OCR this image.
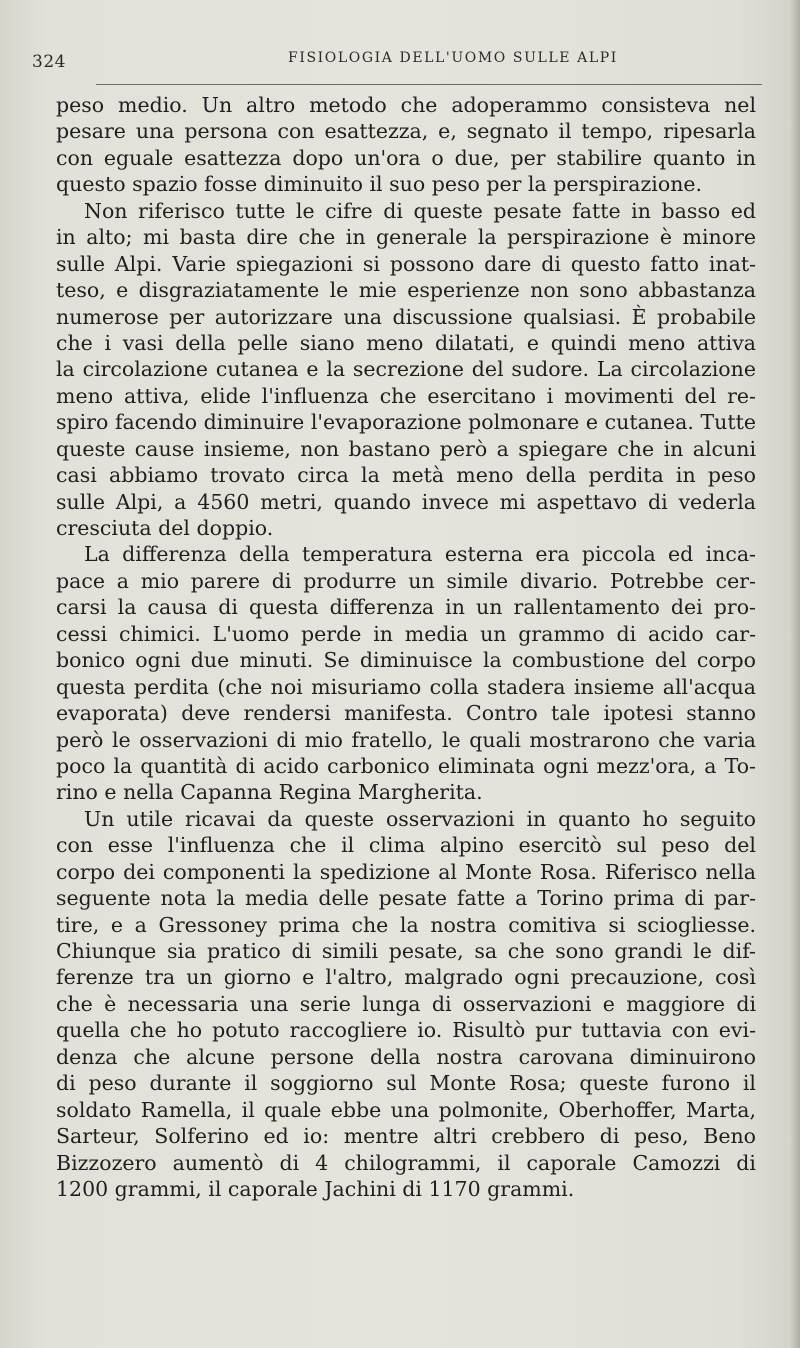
324	FISIOLOGIA DELL'UOMO SULLE ALPI
peso medio. Un altro metodo che adoperammo consisteva nel
pesare una persona con esattezza, e, segnato il tempo, ripesarla
con eguale esattezza dopo un'ora o due, per stabilire quanto in
questo spazio fosse diminuito il suo peso per la perspirazione.
Non riferisco tutte le cifre di queste pesate fatte in basso ed
in alto; mi basta dire che in generale la perspirazione è minore
sulle Alpi. Varie spiegazioni si possono dare di questo fatto inat-
teso, e disgraziatamente le mie esperienze non sono abbastanza
numerose per autorizzare una discussione qualsiasi. È probabile
che i vasi della pelle siano meno dilatati, e quindi meno attiva
la circolazione cutanea e la secrezione del sudore. La circolazione
meno attiva, elide l'influenza che esercitano i movimenti del re-
spiro facendo diminuire l'evaporazione polmonare e cutanea. Tutte
queste cause insieme, non bastano però a spiegare che in alcuni
casi abbiamo trovato circa la metà meno della perdita in peso
sulle Alpi, a 4560 metri, quando invece mi aspettavo di vederla
cresciuta del doppio.
La differenza della temperatura esterna era piccola ed inca-
pace a mio parere di produrre un simile divario. Potrebbe cer-
carsi la causa di questa differenza in un rallentamento dei pro-
cessi chimici. L'uomo perde in media un grammo di acido car-
bonico ogni due minuti. Se diminuisce la combustione del corpo
questa perdita (che noi misuriamo colla stadera insieme all'acqua
evaporata) deve rendersi manifesta. Contro tale ipotesi stanno
però le osservazioni di mio fratello, le quali mostrarono che varia
poco la quantità di acido carbonico eliminata ogni mezz'ora, a To-
rino e nella Capanna Regina Margherita.
Un utile ricavai da queste osservazioni in quanto ho seguito
con esse l'influenza che il clima alpino esercitò sul peso del
corpo dei componenti la spedizione al Monte Rosa. Riferisco nella
seguente nota la media delle pesate fatte a Torino prima di par-
tire, e a Gressoney prima che la nostra comitiva si sciogliesse.
Chiunque sia pratico di simili pesate, sa che sono grandi le dif-
ferenze tra un giorno e l'altro, malgrado ogni precauzione, così
che è necessaria una serie lunga di osservazioni e maggiore di
quella che ho potuto raccogliere io. Risultò pur tuttavia con evi-
denza che alcune persone della nostra carovana diminuirono
di peso durante il soggiorno sul Monte Rosa; queste furono il
soldato Ramella, il quale ebbe una polmonite, Oberhoffer, Marta,
Sarteur, Solferino ed io: mentre altri crebbero di peso, Beno
Bizzozero aumentò di 4 chilogrammi, il caporale Camozzi di
1200 grammi, il caporale Jachini di 1170 grammi.
